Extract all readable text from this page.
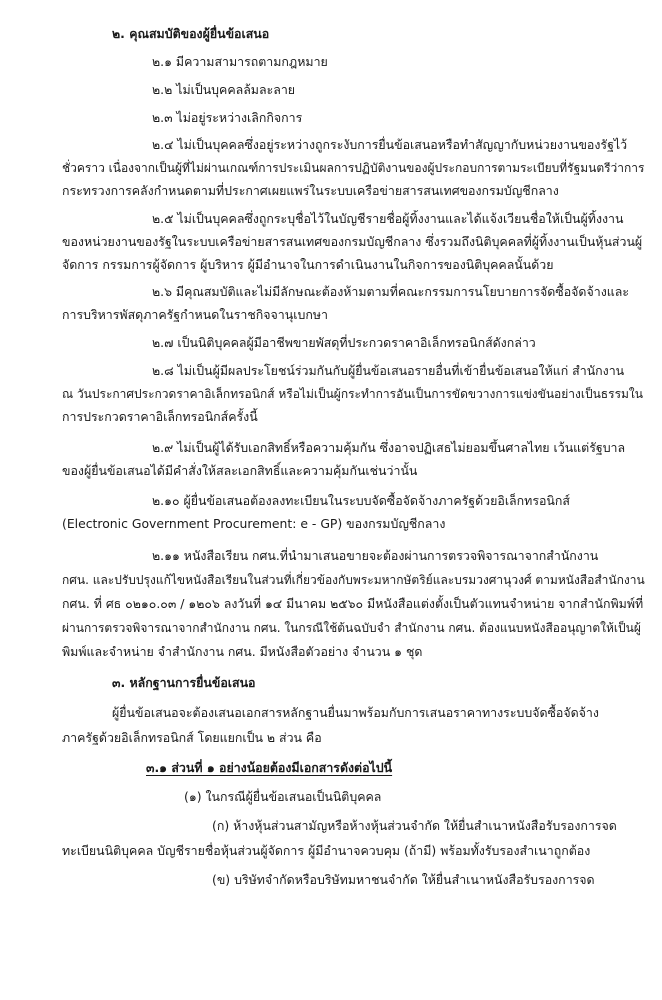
๒. คุณสมบัติของผู้ยื่นข้อเสนอ
๒.๑ มีความสามารถตามกฎหมาย
๒.๒ ไม่เป็นบุคคลล้มละลาย
๒.๓ ไม่อยู่ระหว่างเลิกกิจการ
๒.๔ ไม่เป็นบุคคลซึ่งอยู่ระหว่างถูกระงับการยื่นข้อเสนอหรือทำสัญญากับหน่วยงานของรัฐไว้
ชั่วคราว เนื่องจากเป็นผู้ที่ไม่ผ่านเกณฑ์การประเมินผลการปฏิบัติงานของผู้ประกอบการตามระเบียบที่รัฐมนตรีว่าการ
กระทรวงการคลังกำหนดตามที่ประกาศเผยแพร่ในระบบเครือข่ายสารสนเทศของกรมบัญชีกลาง
๒.๕ ไม่เป็นบุคคลซึ่งถูกระบุชื่อไว้ในบัญชีรายชื่อผู้ทิ้งงานและได้แจ้งเวียนชื่อให้เป็นผู้ทิ้งงาน
ของหน่วยงานของรัฐในระบบเครือข่ายสารสนเทศของกรมบัญชีกลาง ซึ่งรวมถึงนิติบุคคลที่ผู้ทิ้งงานเป็นหุ้นส่วนผู้
จัดการ กรรมการผู้จัดการ ผู้บริหาร ผู้มีอำนาจในการดำเนินงานในกิจการของนิติบุคคลนั้นด้วย
๒.๖ มีคุณสมบัติและไม่มีลักษณะต้องห้ามตามที่คณะกรรมการนโยบายการจัดซื้อจัดจ้างและ
การบริหารพัสดุภาครัฐกำหนดในราชกิจจานุเบกษา
๒.๗ เป็นนิติบุคคลผู้มีอาชีพขายพัสดุที่ประกวดราคาอิเล็กทรอนิกส์ดังกล่าว
๒.๘ ไม่เป็นผู้มีผลประโยชน์ร่วมกันกับผู้ยื่นข้อเสนอรายอื่นที่เข้ายื่นข้อเสนอให้แก่ สำนักงาน
ณ วันประกาศประกวดราคาอิเล็กทรอนิกส์ หรือไม่เป็นผู้กระทำการอันเป็นการขัดขวางการแข่งขันอย่างเป็นธรรมใน
การประกวดราคาอิเล็กทรอนิกส์ครั้งนี้
๒.๙ ไม่เป็นผู้ได้รับเอกสิทธิ์หรือความคุ้มกัน ซึ่งอาจปฏิเสธไม่ยอมขึ้นศาลไทย เว้นแต่รัฐบาล
ของผู้ยื่นข้อเสนอได้มีคำสั่งให้สละเอกสิทธิ์และความคุ้มกันเช่นว่านั้น
๒.๑๐ ผู้ยื่นข้อเสนอต้องลงทะเบียนในระบบจัดซื้อจัดจ้างภาครัฐด้วยอิเล็กทรอนิกส์
(Electronic Government Procurement: e - GP) ของกรมบัญชีกลาง
๒.๑๑ หนังสือเรียน กศน.ที่นำมาเสนอขายจะต้องผ่านการตรวจพิจารณาจากสำนักงาน
กศน. และปรับปรุงแก้ไขหนังสือเรียนในส่วนที่เกี่ยวข้องกับพระมหากษัตริย์และบรมวงศานุวงศ์ ตามหนังสือสำนักงาน
กศน. ที่ ศธ ๐๒๑๐.๐๓ / ๑๒๐๖ ลงวันที่ ๑๔ มีนาคม ๒๕๖๐ มีหนังสือแต่งตั้งเป็นตัวแทนจำหน่าย จากสำนักพิมพ์ที่
ผ่านการตรวจพิจารณาจากสำนักงาน กศน. ในกรณีใช้ต้นฉบับจำ สำนักงาน กศน. ต้องแนบหนังสืออนุญาตให้เป็นผู้
พิมพ์และจำหน่าย จำสำนักงาน กศน. มีหนังสือตัวอย่าง จำนวน ๑ ชุด
๓. หลักฐานการยื่นข้อเสนอ
ผู้ยื่นข้อเสนอจะต้องเสนอเอกสารหลักฐานยื่นมาพร้อมกับการเสนอราคาทางระบบจัดซื้อจัดจ้าง
ภาครัฐด้วยอิเล็กทรอนิกส์ โดยแยกเป็น ๒ ส่วน คือ
๓.๑ ส่วนที่ ๑ อย่างน้อยต้องมีเอกสารดังต่อไปนี้
(๑) ในกรณีผู้ยื่นข้อเสนอเป็นนิติบุคคล
(ก) ห้างหุ้นส่วนสามัญหรือห้างหุ้นส่วนจำกัด ให้ยื่นสำเนาหนังสือรับรองการจด
ทะเบียนนิติบุคคล บัญชีรายชื่อหุ้นส่วนผู้จัดการ ผู้มีอำนาจควบคุม (ถ้ามี) พร้อมทั้งรับรองสำเนาถูกต้อง
(ข) บริษัทจำกัดหรือบริษัทมหาชนจำกัด ให้ยื่นสำเนาหนังสือรับรองการจด
